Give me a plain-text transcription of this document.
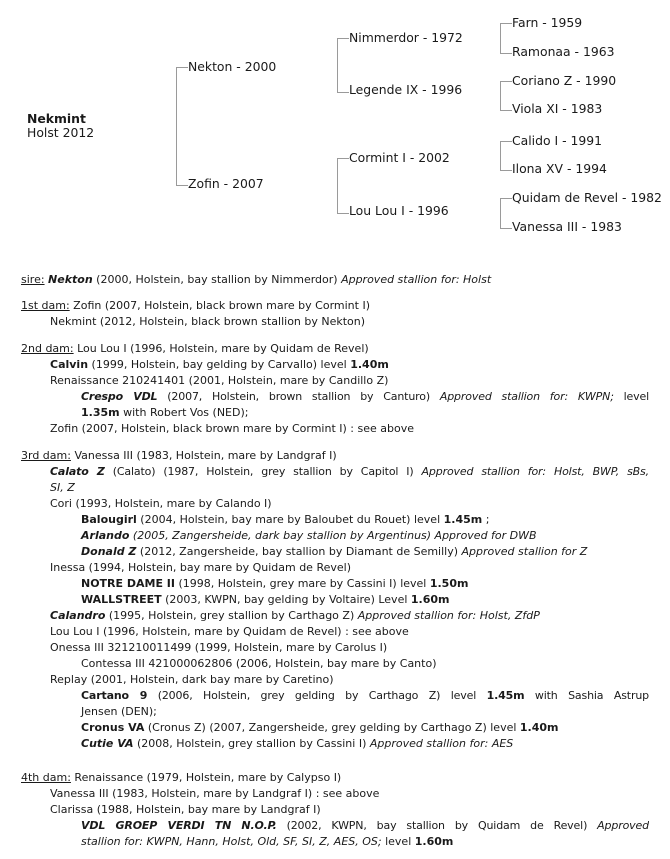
Nekmint
Holst 2012
Nekton - 2000
Zofin - 2007
Nimmerdor - 1972
Legende IX - 1996
Cormint I - 2002
Lou Lou I - 1996
Farn - 1959
Ramonaa - 1963
Coriano Z - 1990
Viola XI - 1983
Calido I - 1991
Ilona XV - 1994
Quidam de Revel - 1982
Vanessa III - 1983
sire: Nekton (2000, Holstein, bay stallion by Nimmerdor) Approved stallion for: Holst
1st dam: Zofin (2007, Holstein, black brown mare by Cormint I)
Nekmint (2012, Holstein, black brown stallion by Nekton)
2nd dam: Lou Lou I (1996, Holstein, mare by Quidam de Revel)
Calvin (1999, Holstein, bay gelding by Carvallo) level 1.40m
Renaissance 210241401 (2001, Holstein, mare by Candillo Z)
Crespo VDL (2007, Holstein, brown stallion by Canturo) Approved stallion for: KWPN; level
1.35m with Robert Vos (NED);
Zofin (2007, Holstein, black brown mare by Cormint I) : see above
3rd dam: Vanessa III (1983, Holstein, mare by Landgraf I)
Calato Z (Calato) (1987, Holstein, grey stallion by Capitol I) Approved stallion for: Holst, BWP, sBs,
SI, Z
Cori (1993, Holstein, mare by Calando I)
Balougirl (2004, Holstein, bay mare by Baloubet du Rouet) level 1.45m ;
Arlando (2005, Zangersheide, dark bay stallion by Argentinus) Approved for DWB
Donald Z (2012, Zangersheide, bay stallion by Diamant de Semilly) Approved stallion for Z
Inessa (1994, Holstein, bay mare by Quidam de Revel)
NOTRE DAME II (1998, Holstein, grey mare by Cassini I) level 1.50m
WALLSTREET (2003, KWPN, bay gelding by Voltaire) Level 1.60m
Calandro (1995, Holstein, grey stallion by Carthago Z) Approved stallion for: Holst, ZfdP
Lou Lou I (1996, Holstein, mare by Quidam de Revel) : see above
Onessa III 321210011499 (1999, Holstein, mare by Carolus I)
Contessa III 421000062806 (2006, Holstein, bay mare by Canto)
Replay (2001, Holstein, dark bay mare by Caretino)
Cartano 9 (2006, Holstein, grey gelding by Carthago Z) level 1.45m with Sashia Astrup
Jensen (DEN);
Cronus VA (Cronus Z) (2007, Zangersheide, grey gelding by Carthago Z) level 1.40m
Cutie VA (2008, Holstein, grey stallion by Cassini I) Approved stallion for: AES
4th dam: Renaissance (1979, Holstein, mare by Calypso I)
Vanessa III (1983, Holstein, mare by Landgraf I) : see above
Clarissa (1988, Holstein, bay mare by Landgraf I)
VDL GROEP VERDI TN N.O.P. (2002, KWPN, bay stallion by Quidam de Revel) Approved
stallion for: KWPN, Hann, Holst, Old, SF, SI, Z, AES, OS; level 1.60m
